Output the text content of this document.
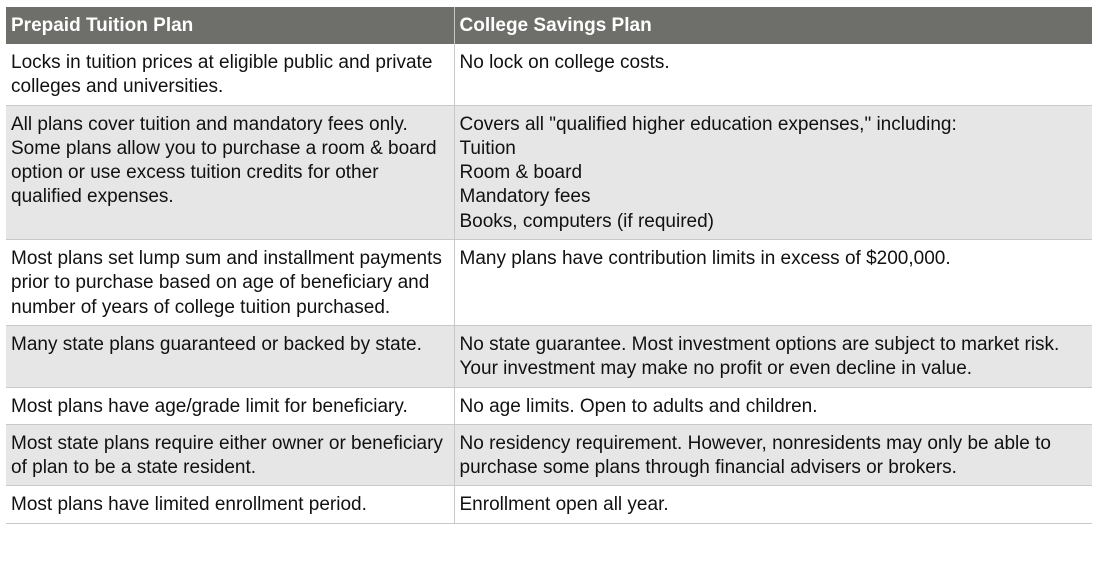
Prepaid Tuition Plan	College Savings Plan
Locks in tuition prices at eligible public and private colleges and universities.	No lock on college costs.

All plans cover tuition and mandatory fees only. Some plans allow you to purchase a room & board option or use excess tuition credits for other qualified expenses.	Covers all "qualified higher education expenses," including:
Tuition
Room & board
Mandatory fees
Books, computers (if required)

Most plans set lump sum and installment payments prior to purchase based on age of beneficiary and number of years of college tuition purchased.	Many plans have contribution limits in excess of $200,000.

Many state plans guaranteed or backed by state.	No state guarantee. Most investment options are subject to market risk. Your investment may make no profit or even decline in value.

Most plans have age/grade limit for beneficiary.	No age limits. Open to adults and children.

Most state plans require either owner or beneficiary of plan to be a state resident.	No residency requirement. However, nonresidents may only be able to purchase some plans through financial advisers or brokers.

Most plans have limited enrollment period.	Enrollment open all year.
